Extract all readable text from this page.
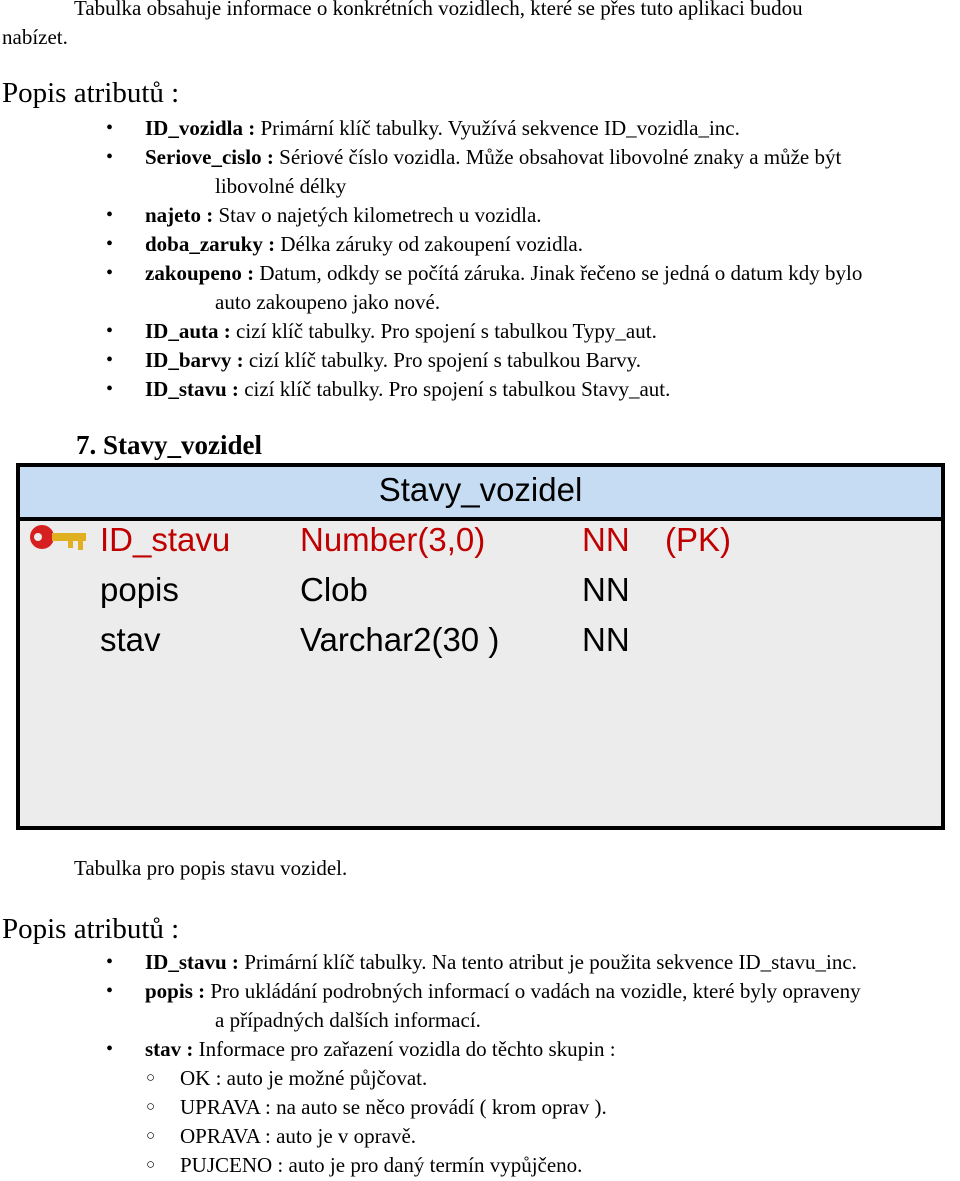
Tabulka obsahuje informace o konkrétních vozidlech, které se přes tuto aplikaci budou
nabízet.
Popis atributů :
• ID_vozidla : Primární klíč tabulky. Využívá sekvence ID_vozidla_inc.
• Seriove_cislo : Sériové číslo vozidla. Může obsahovat libovolné znaky a může být
libovolné délky
• najeto : Stav o najetých kilometrech u vozidla.
• doba_zaruky : Délka záruky od zakoupení vozidla.
• zakoupeno : Datum, odkdy se počítá záruka. Jinak řečeno se jedná o datum kdy bylo
auto zakoupeno jako nové.
• ID_auta : cizí klíč tabulky. Pro spojení s tabulkou Typy_aut.
• ID_barvy : cizí klíč tabulky. Pro spojení s tabulkou Barvy.
• ID_stavu : cizí klíč tabulky. Pro spojení s tabulkou Stavy_aut.
7. Stavy_vozidel
Stavy_vozidel
ID_stavu Number(3,0)	NN (PK)
popis	Clob	NN
stav	Varchar2(30 )	NN
Tabulka pro popis stavu vozidel.
Popis atributů :
• ID_stavu : Primární klíč tabulky. Na tento atribut je použita sekvence ID_stavu_inc.
• popis : Pro ukládání podrobných informací o vadách na vozidle, které byly opraveny
a případných dalších informací.
• stav : Informace pro zařazení vozidla do těchto skupin :
○ OK : auto je možné půjčovat.
○ UPRAVA : na auto se něco provádí ( krom oprav ).
○ OPRAVA : auto je v opravě.
○ PUJCENO : auto je pro daný termín vypůjčeno.
